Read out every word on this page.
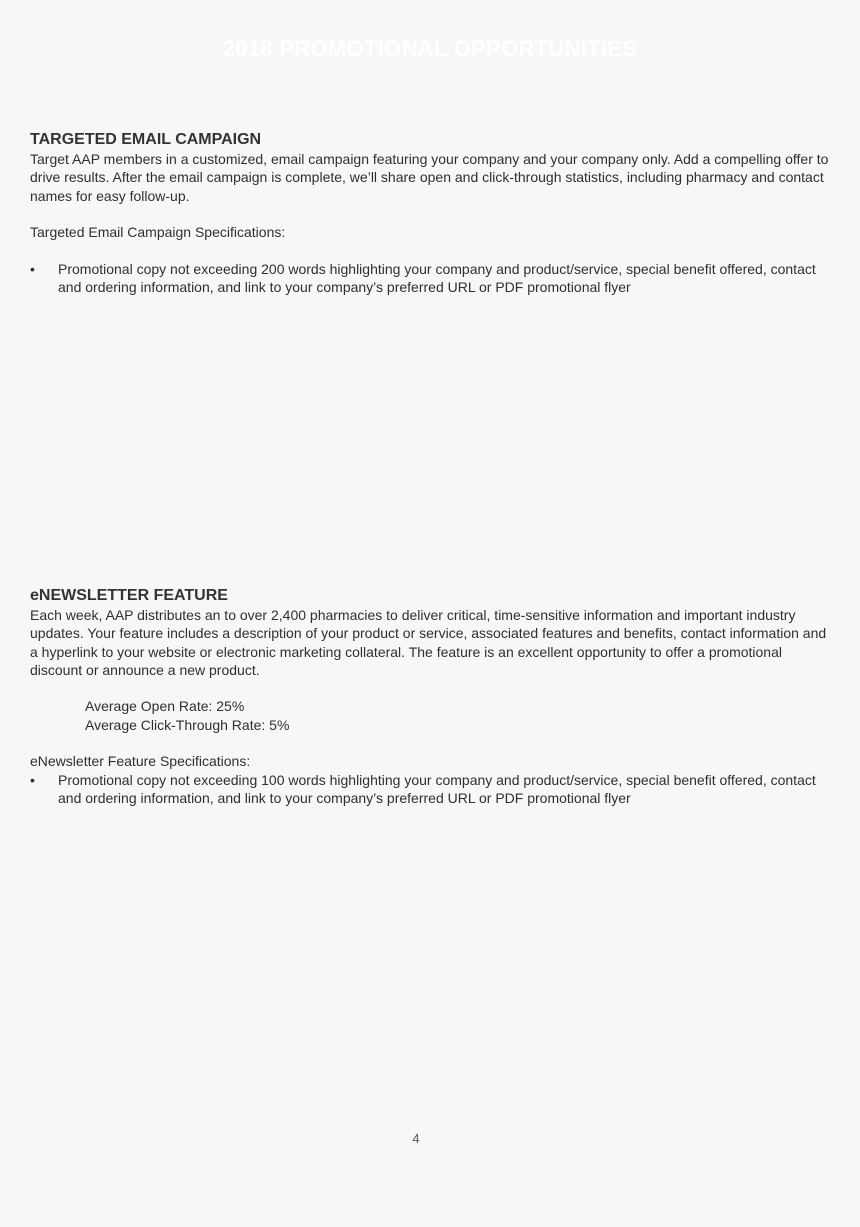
2018 PROMOTIONAL OPPORTUNITIES
TARGETED EMAIL CAMPAIGN

Target AAP members in a customized, email campaign featuring your company and your company only. Add a compelling offer to drive results. After the email campaign is complete, we’ll share open and click-through statistics, including pharmacy and contact names for easy follow-up.

Targeted Email Campaign Specifications:

• Promotional copy not exceeding 200 words highlighting your company and product/service, special benefit offered, contact and ordering information, and link to your company’s preferred URL or PDF promotional flyer
eNEWSLETTER FEATURE

Each week, AAP distributes an to over 2,400 pharmacies to deliver critical, time-sensitive information and important industry updates. Your feature includes a description of your product or service, associated features and benefits, contact information and a hyperlink to your website or electronic marketing collateral. The feature is an excellent opportunity to offer a promotional discount or announce a new product.

Average Open Rate: 25%

Average Click-Through Rate: 5%

eNewsletter Feature Specifications:

• Promotional copy not exceeding 100 words highlighting your company and product/service, special benefit offered, contact and ordering information, and link to your company’s preferred URL or PDF promotional flyer
4
